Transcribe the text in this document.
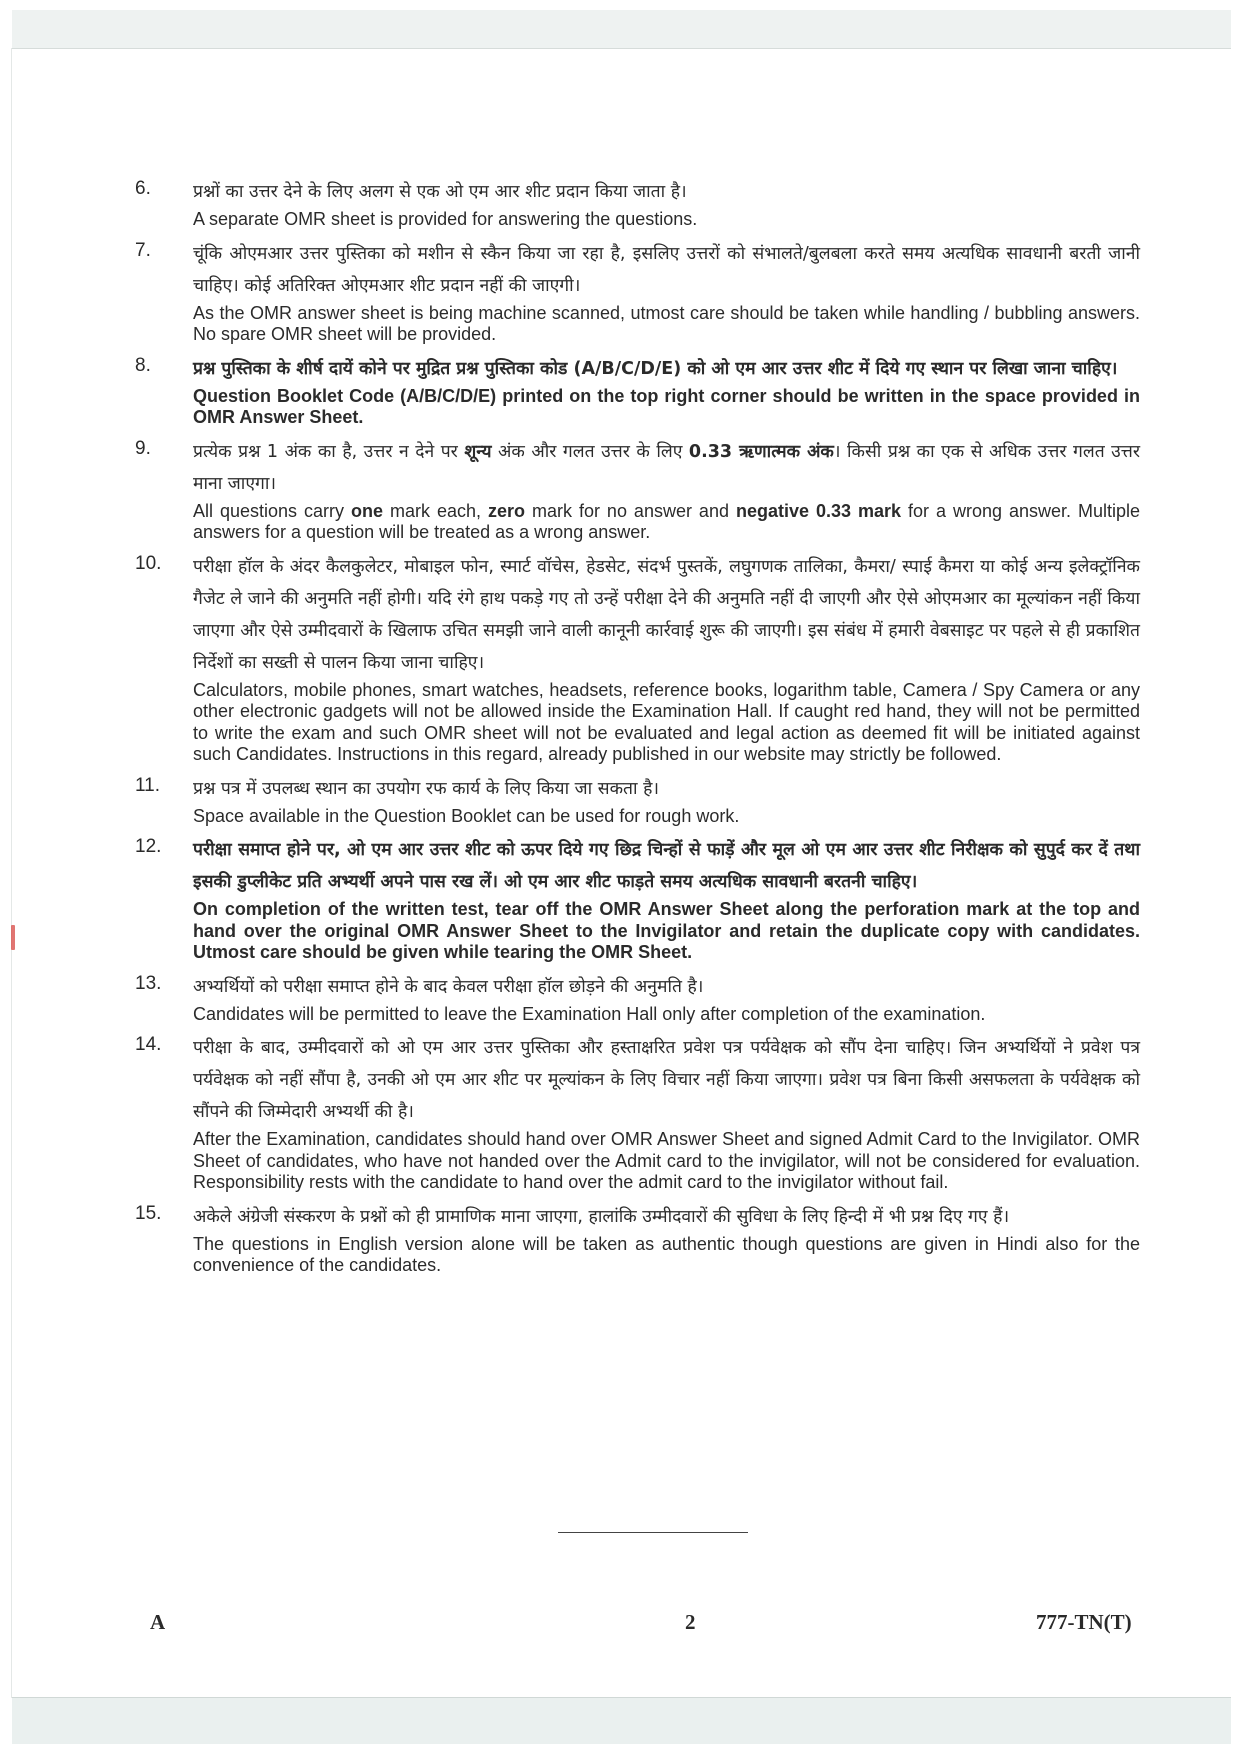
6. प्रश्नों का उत्तर देने के लिए अलग से एक ओ एम आर शीट प्रदान किया जाता है।
A separate OMR sheet is provided for answering the questions.
7. चूंकि ओएमआर उत्तर पुस्तिका को मशीन से स्कैन किया जा रहा है, इसलिए उत्तरों को संभालते/बुलबला करते समय अत्यधिक सावधानी बरती जानी चाहिए। कोई अतिरिक्त ओएमआर शीट प्रदान नहीं की जाएगी।
As the OMR answer sheet is being machine scanned, utmost care should be taken while handling / bubbling answers. No spare OMR sheet will be provided.
8. प्रश्न पुस्तिका के शीर्ष दायें कोने पर मुद्रित प्रश्न पुस्तिका कोड (A/B/C/D/E) को ओ एम आर उत्तर शीट में दिये गए स्थान पर लिखा जाना चाहिए।
Question Booklet Code (A/B/C/D/E) printed on the top right corner should be written in the space provided in OMR Answer Sheet.
9. प्रत्येक प्रश्न 1 अंक का है, उत्तर न देने पर शून्य अंक और गलत उत्तर के लिए 0.33 ऋणात्मक अंक। किसी प्रश्न का एक से अधिक उत्तर गलत उत्तर माना जाएगा।
All questions carry one mark each, zero mark for no answer and negative 0.33 mark for a wrong answer. Multiple answers for a question will be treated as a wrong answer.
10. परीक्षा हॉल के अंदर कैलकुलेटर, मोबाइल फोन, स्मार्ट वॉचेस, हेडसेट, संदर्भ पुस्तकें, लघुगणक तालिका, कैमरा/ स्पाई कैमरा या कोई अन्य इलेक्ट्रॉनिक गैजेट ले जाने की अनुमति नहीं होगी। यदि रंगे हाथ पकड़े गए तो उन्हें परीक्षा देने की अनुमति नहीं दी जाएगी और ऐसे ओएमआर का मूल्यांकन नहीं किया जाएगा और ऐसे उम्मीदवारों के खिलाफ उचित समझी जाने वाली कानूनी कार्रवाई शुरू की जाएगी। इस संबंध में हमारी वेबसाइट पर पहले से ही प्रकाशित निर्देशों का सख्ती से पालन किया जाना चाहिए।
Calculators, mobile phones, smart watches, headsets, reference books, logarithm table, Camera / Spy Camera or any other electronic gadgets will not be allowed inside the Examination Hall. If caught red hand, they will not be permitted to write the exam and such OMR sheet will not be evaluated and legal action as deemed fit will be initiated against such Candidates. Instructions in this regard, already published in our website may strictly be followed.
11. प्रश्न पत्र में उपलब्ध स्थान का उपयोग रफ कार्य के लिए किया जा सकता है।
Space available in the Question Booklet can be used for rough work.
12. परीक्षा समाप्त होने पर, ओ एम आर उत्तर शीट को ऊपर दिये गए छिद्र चिन्हों से फाड़ें और मूल ओ एम आर उत्तर शीट निरीक्षक को सुपुर्द कर दें तथा इसकी डुप्लीकेट प्रति अभ्यर्थी अपने पास रख लें। ओ एम आर शीट फाड़ते समय अत्यधिक सावधानी बरतनी चाहिए।
On completion of the written test, tear off the OMR Answer Sheet along the perforation mark at the top and hand over the original OMR Answer Sheet to the Invigilator and retain the duplicate copy with candidates. Utmost care should be given while tearing the OMR Sheet.
13. अभ्यर्थियों को परीक्षा समाप्त होने के बाद केवल परीक्षा हॉल छोड़ने की अनुमति है।
Candidates will be permitted to leave the Examination Hall only after completion of the examination.
14. परीक्षा के बाद, उम्मीदवारों को ओ एम आर उत्तर पुस्तिका और हस्ताक्षरित प्रवेश पत्र पर्यवेक्षक को सौंप देना चाहिए। जिन अभ्यर्थियों ने प्रवेश पत्र पर्यवेक्षक को नहीं सौंपा है, उनकी ओ एम आर शीट पर मूल्यांकन के लिए विचार नहीं किया जाएगा। प्रवेश पत्र बिना किसी असफलता के पर्यवेक्षक को सौंपने की जिम्मेदारी अभ्यर्थी की है।
After the Examination, candidates should hand over OMR Answer Sheet and signed Admit Card to the Invigilator. OMR Sheet of candidates, who have not handed over the Admit card to the invigilator, will not be considered for evaluation. Responsibility rests with the candidate to hand over the admit card to the invigilator without fail.
15. अकेले अंग्रेजी संस्करण के प्रश्नों को ही प्रामाणिक माना जाएगा, हालांकि उम्मीदवारों की सुविधा के लिए हिन्दी में भी प्रश्न दिए गए हैं।
The questions in English version alone will be taken as authentic though questions are given in Hindi also for the convenience of the candidates.
A	2	777-TN(T)
